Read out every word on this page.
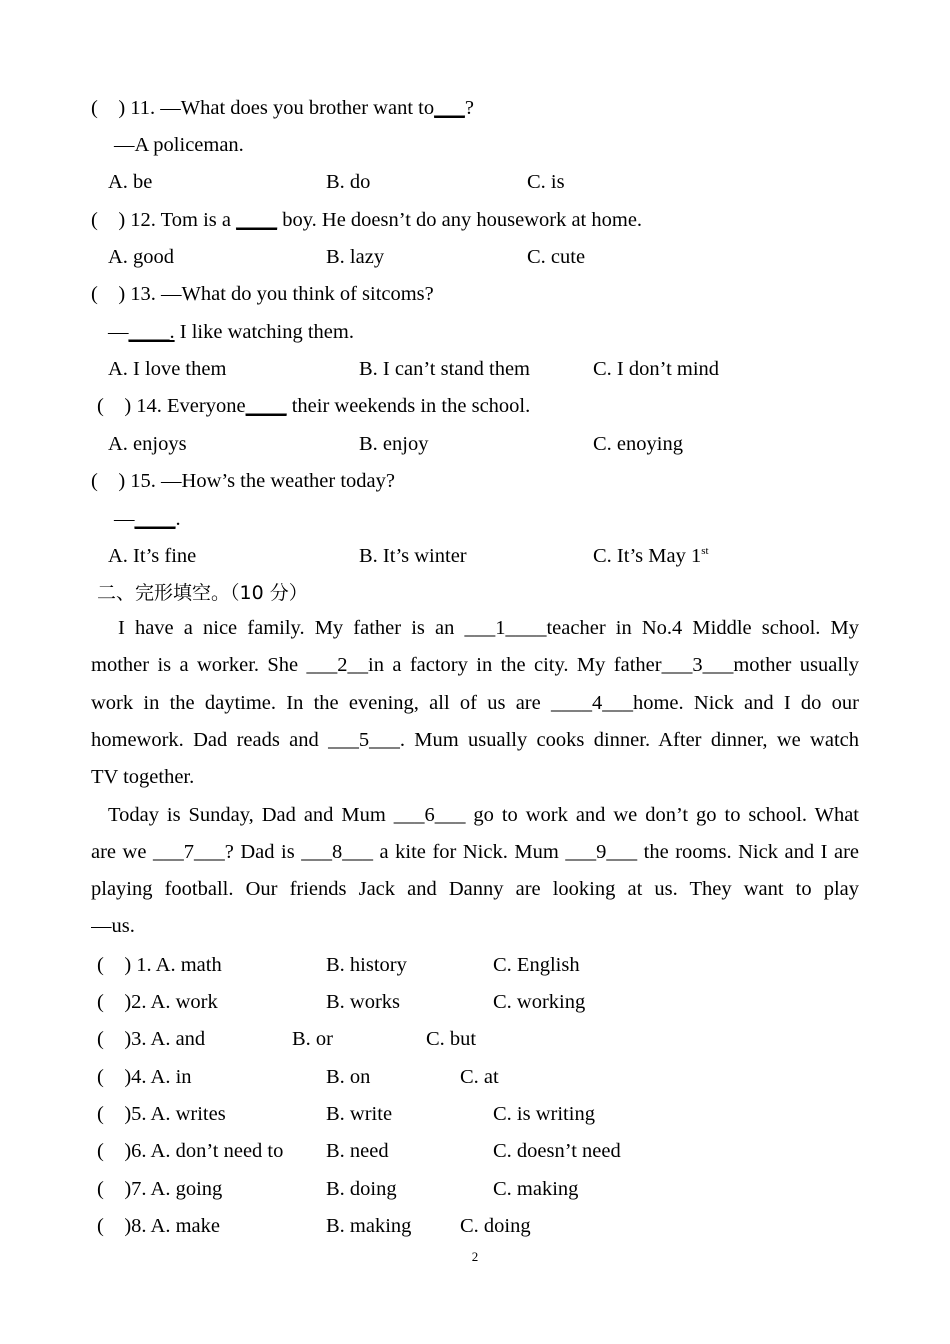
(    ) 11. —What does you brother want to___?
—A policeman.
A. be	B. do	C. is
(    ) 12. Tom is a ____ boy. He doesn’t do any housework at home.
A. good	B. lazy	C. cute
(    ) 13. —What do you think of sitcoms?
—____. I like watching them.
A. I love them	B. I can’t stand them	C. I don’t mind
(    ) 14. Everyone____ their weekends in the school.
A. enjoys	B. enjoy	C. enoying
(    ) 15. —How’s the weather today?
—____.
A. It’s fine	B. It’s winter	C. It’s May 1st
二、完形填空。（10 分）
I have a nice family. My father is an ___1____teacher in No.4 Middle school. My
mother is a worker. She ___2__in a factory in the city. My father___3___mother usually
work in the daytime. In the evening, all of us are ____4___home. Nick and I do our
homework. Dad reads and ___5___. Mum usually cooks dinner. After dinner, we watch
TV together.
Today is Sunday, Dad and Mum ___6___ go to work and we don’t go to school. What
are we ___7___? Dad is ___8___ a kite for Nick. Mum ___9___ the rooms. Nick and I are
playing football. Our friends Jack and Danny are looking at us. They want to play
—us.
(    ) 1. A. math	B. history	C. English
(    )2. A. work	B. works	C. working
(    )3. A. and	B. or	C. but
(    )4. A. in	B. on	C. at
(    )5. A. writes	B. write	C. is writing
(    )6. A. don’t need to B. need	C. doesn’t need
(    )7. A. going	B. doing	C. making
(    )8. A. make	B. making C. doing
2
